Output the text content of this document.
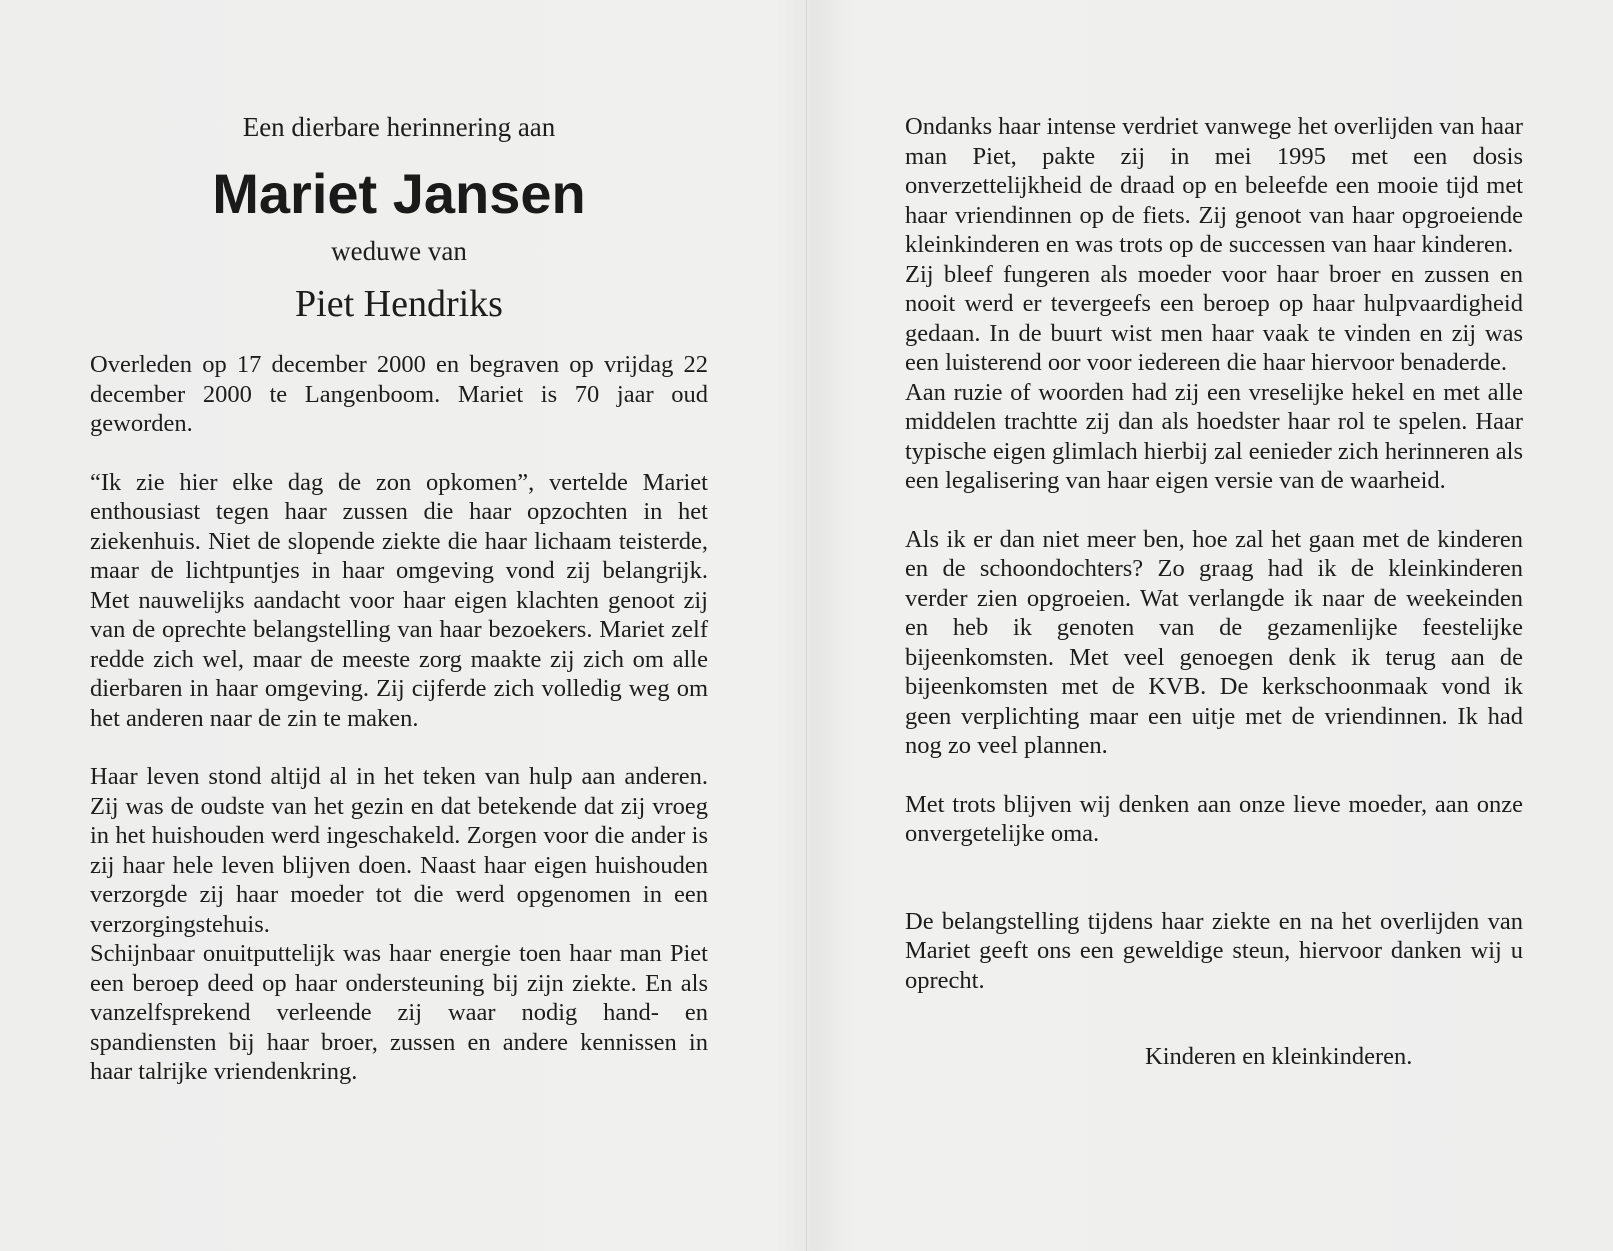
Een dierbare herinnering aan

Mariet Jansen

weduwe van

Piet Hendriks

Overleden op 17 december 2000 en begraven op vrijdag 22 december 2000 te Langenboom. Mariet is 70 jaar oud geworden.

“Ik zie hier elke dag de zon opkomen”, vertelde Mariet enthousiast tegen haar zussen die haar opzochten in het ziekenhuis. Niet de slopende ziekte die haar lichaam teisterde, maar de lichtpuntjes in haar omgeving vond zij belangrijk. Met nauwelijks aandacht voor haar eigen klachten genoot zij van de oprechte belangstelling van haar bezoekers. Mariet zelf redde zich wel, maar de meeste zorg maakte zij zich om alle dierbaren in haar omgeving. Zij cijferde zich volledig weg om het anderen naar de zin te maken.

Haar leven stond altijd al in het teken van hulp aan anderen. Zij was de oudste van het gezin en dat betekende dat zij vroeg in het huishouden werd ingeschakeld. Zorgen voor die ander is zij haar hele leven blijven doen. Naast haar eigen huishouden verzorgde zij haar moeder tot die werd opgenomen in een verzorgingstehuis.

Schijnbaar onuitputtelijk was haar energie toen haar man Piet een beroep deed op haar ondersteuning bij zijn ziekte. En als vanzelfsprekend verleende zij waar nodig hand- en spandiensten bij haar broer, zussen en andere kennissen in haar talrijke vriendenkring.

Ondanks haar intense verdriet vanwege het overlijden van haar man Piet, pakte zij in mei 1995 met een dosis onverzettelijkheid de draad op en beleefde een mooie tijd met haar vriendinnen op de fiets. Zij genoot van haar opgroeiende kleinkinderen en was trots op de successen van haar kinderen.

Zij bleef fungeren als moeder voor haar broer en zussen en nooit werd er tevergeefs een beroep op haar hulpvaardigheid gedaan. In de buurt wist men haar vaak te vinden en zij was een luisterend oor voor iedereen die haar hiervoor benaderde.

Aan ruzie of woorden had zij een vreselijke hekel en met alle middelen trachtte zij dan als hoedster haar rol te spelen. Haar typische eigen glimlach hierbij zal eenieder zich herinneren als een legalisering van haar eigen versie van de waarheid.

Als ik er dan niet meer ben, hoe zal het gaan met de kinderen en de schoondochters? Zo graag had ik de kleinkinderen verder zien opgroeien. Wat verlangde ik naar de weekeinden en heb ik genoten van de gezamenlijke feestelijke bijeenkomsten. Met veel genoegen denk ik terug aan de bijeenkomsten met de KVB. De kerkschoonmaak vond ik geen verplichting maar een uitje met de vriendinnen. Ik had nog zo veel plannen.

Met trots blijven wij denken aan onze lieve moeder, aan onze onvergetelijke oma.

De belangstelling tijdens haar ziekte en na het overlijden van Mariet geeft ons een geweldige steun, hiervoor danken wij u oprecht.

Kinderen en kleinkinderen.
